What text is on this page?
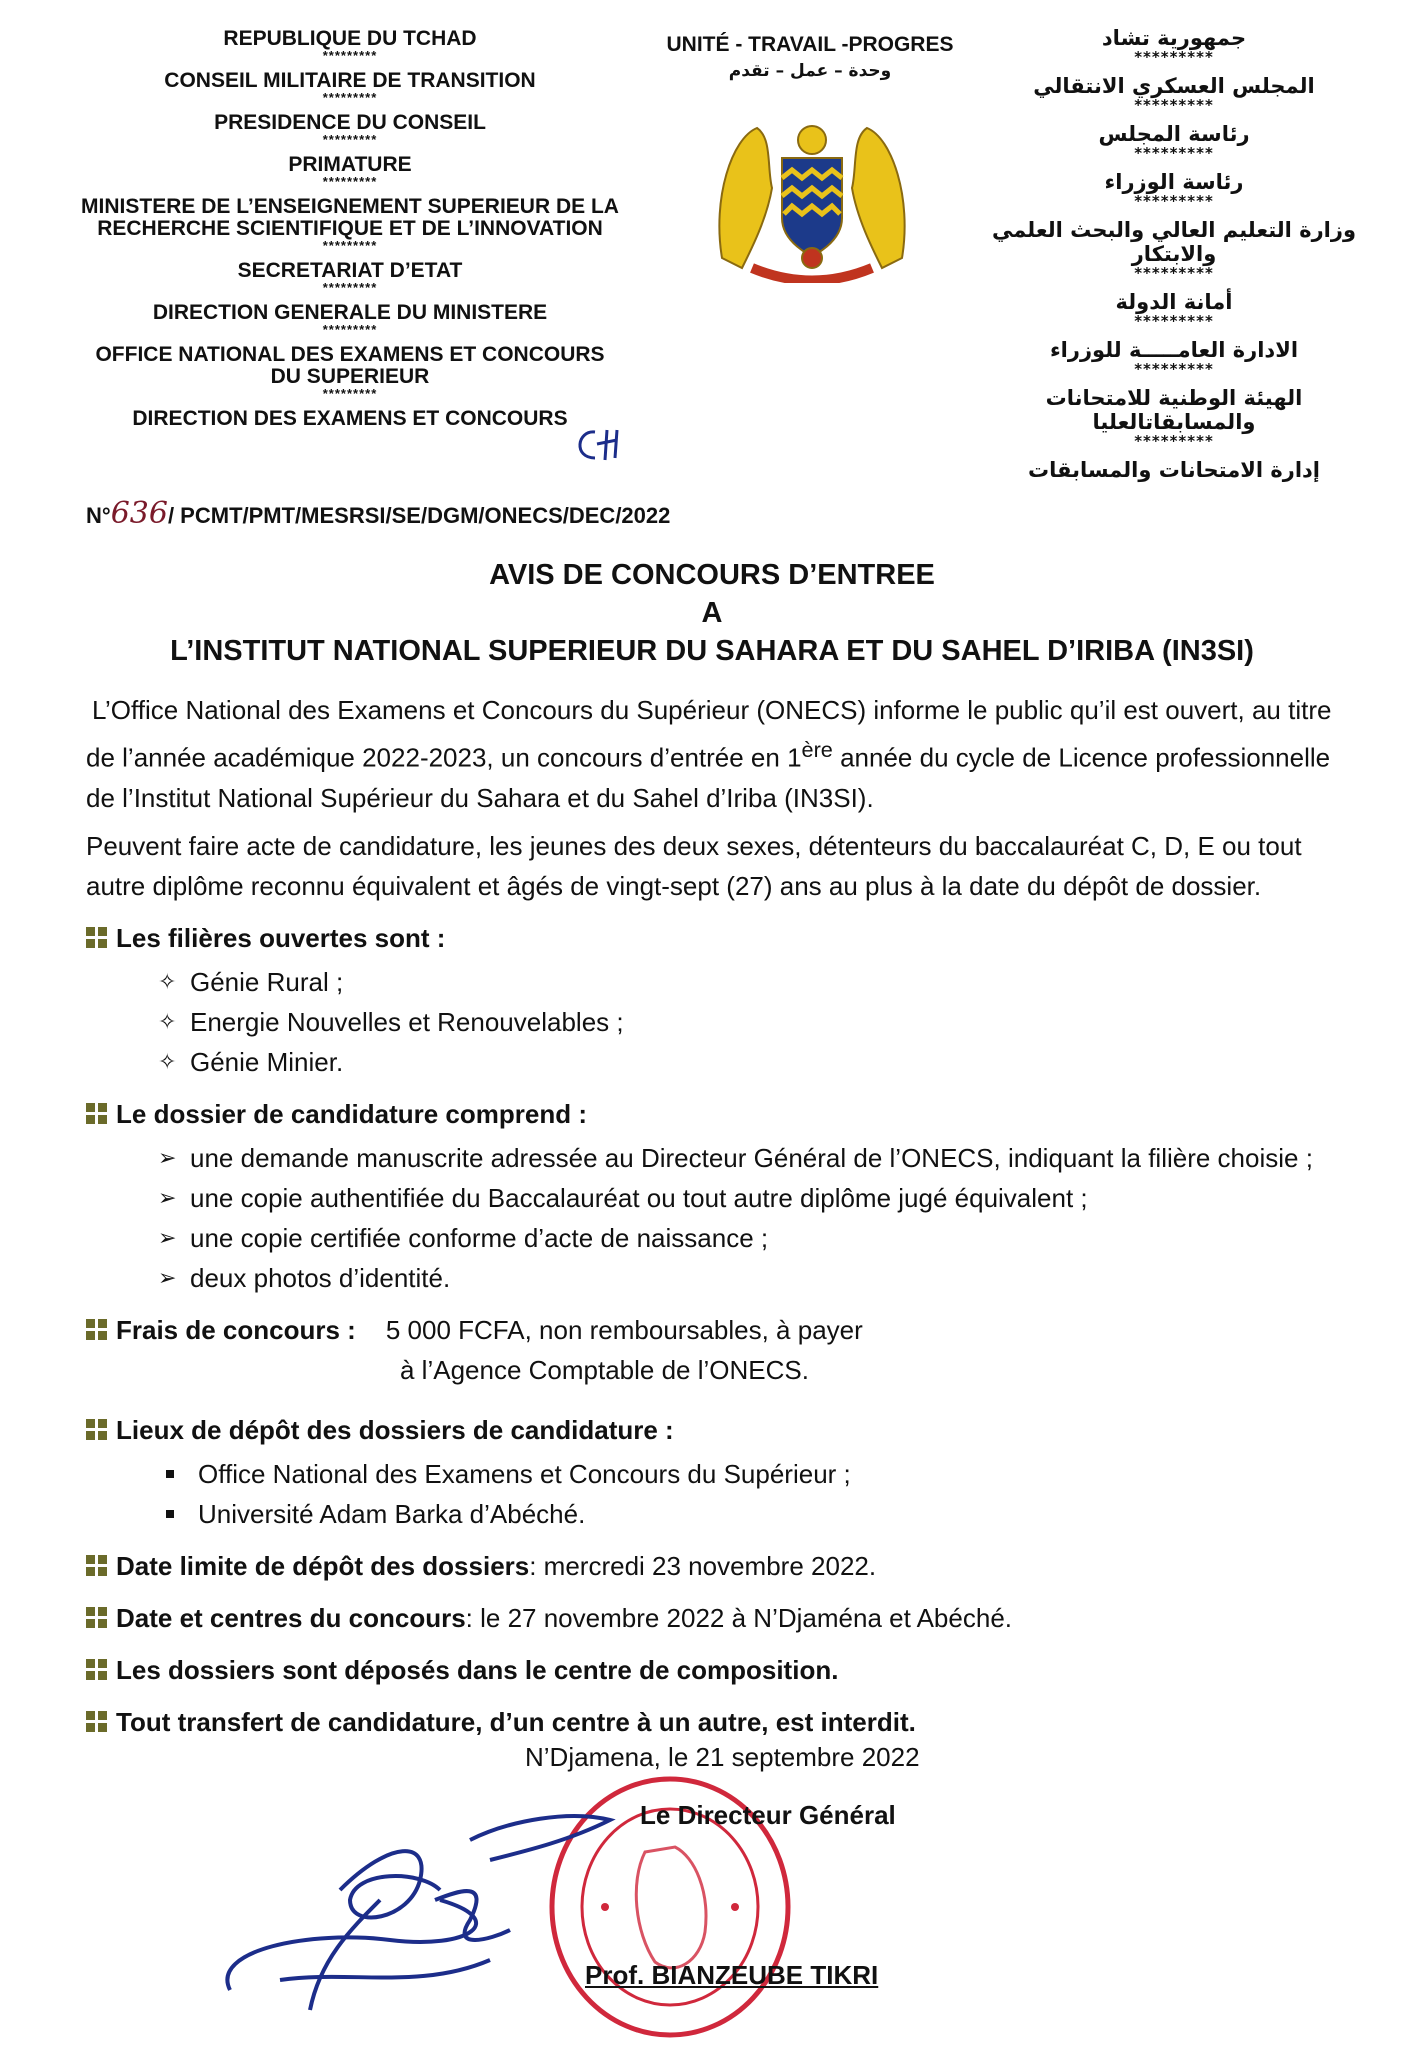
REPUBLIQUE DU TCHAD
*********
CONSEIL MILITAIRE DE TRANSITION
*********
PRESIDENCE DU CONSEIL
*********
PRIMATURE
*********
MINISTERE DE L’ENSEIGNEMENT SUPERIEUR DE LA RECHERCHE SCIENTIFIQUE ET DE L’INNOVATION
*********
SECRETARIAT D’ETAT
*********
DIRECTION GENERALE DU MINISTERE
*********
OFFICE NATIONAL DES EXAMENS ET CONCOURS DU SUPERIEUR
*********
DIRECTION DES EXAMENS ET CONCOURS
UNITÉ - TRAVAIL -PROGRES
وحدة – عمل – تقدم
جمهورية تشاد
*********
المجلس العسكري الانتقالي
*********
رئاسة المجلس
*********
رئاسة الوزراء
*********
وزارة التعليم العالي والبحث العلمي والابتكار
*********
أمانة الدولة
*********
الادارة العامـــــة للوزراء
*********
الهيئة الوطنية للامتحانات والمسابقاتالعليا
*********
إدارة الامتحانات والمسابقات
N°636/ PCMT/PMT/MESRSI/SE/DGM/ONECS/DEC/2022
AVIS DE CONCOURS D’ENTREE
A
L’INSTITUT NATIONAL SUPERIEUR DU SAHARA ET DU SAHEL D’IRIBA (IN3SI)

L’Office National des Examens et Concours du Supérieur (ONECS) informe le public qu’il est ouvert, au titre de l’année académique 2022-2023, un concours d’entrée en 1ère année du cycle de Licence professionnelle de l’Institut National Supérieur du Sahara et du Sahel d’Iriba (IN3SI).

Peuvent faire acte de candidature, les jeunes des deux sexes, détenteurs du baccalauréat C, D, E ou tout autre diplôme reconnu équivalent et âgés de vingt-sept (27) ans au plus à la date du dépôt de dossier.

Les filières ouvertes sont :
✧ Génie Rural ;
✧ Energie Nouvelles et Renouvelables ;
✧ Génie Minier.
Le dossier de candidature comprend :
➢ une demande manuscrite adressée au Directeur Général de l’ONECS, indiquant la filière choisie ;
➢ une copie authentifiée du Baccalauréat ou tout autre diplôme jugé équivalent ;
➢ une copie certifiée conforme d’acte de naissance ;
➢ deux photos d’identité.
Frais de concours : 5 000 FCFA, non remboursables, à payer
à l’Agence Comptable de l’ONECS.
Lieux de dépôt des dossiers de candidature :
Office National des Examens et Concours du Supérieur ;
Université Adam Barka d’Abéché.
Date limite de dépôt des dossiers : mercredi 23 novembre 2022.
Date et centres du concours : le 27 novembre 2022 à N’Djaména et Abéché.
Les dossiers sont déposés dans le centre de composition.
Tout transfert de candidature, d’un centre à un autre, est interdit.
N’Djamena, le 21 septembre 2022
Le Directeur Général
Prof. BIANZEUBE TIKRI
